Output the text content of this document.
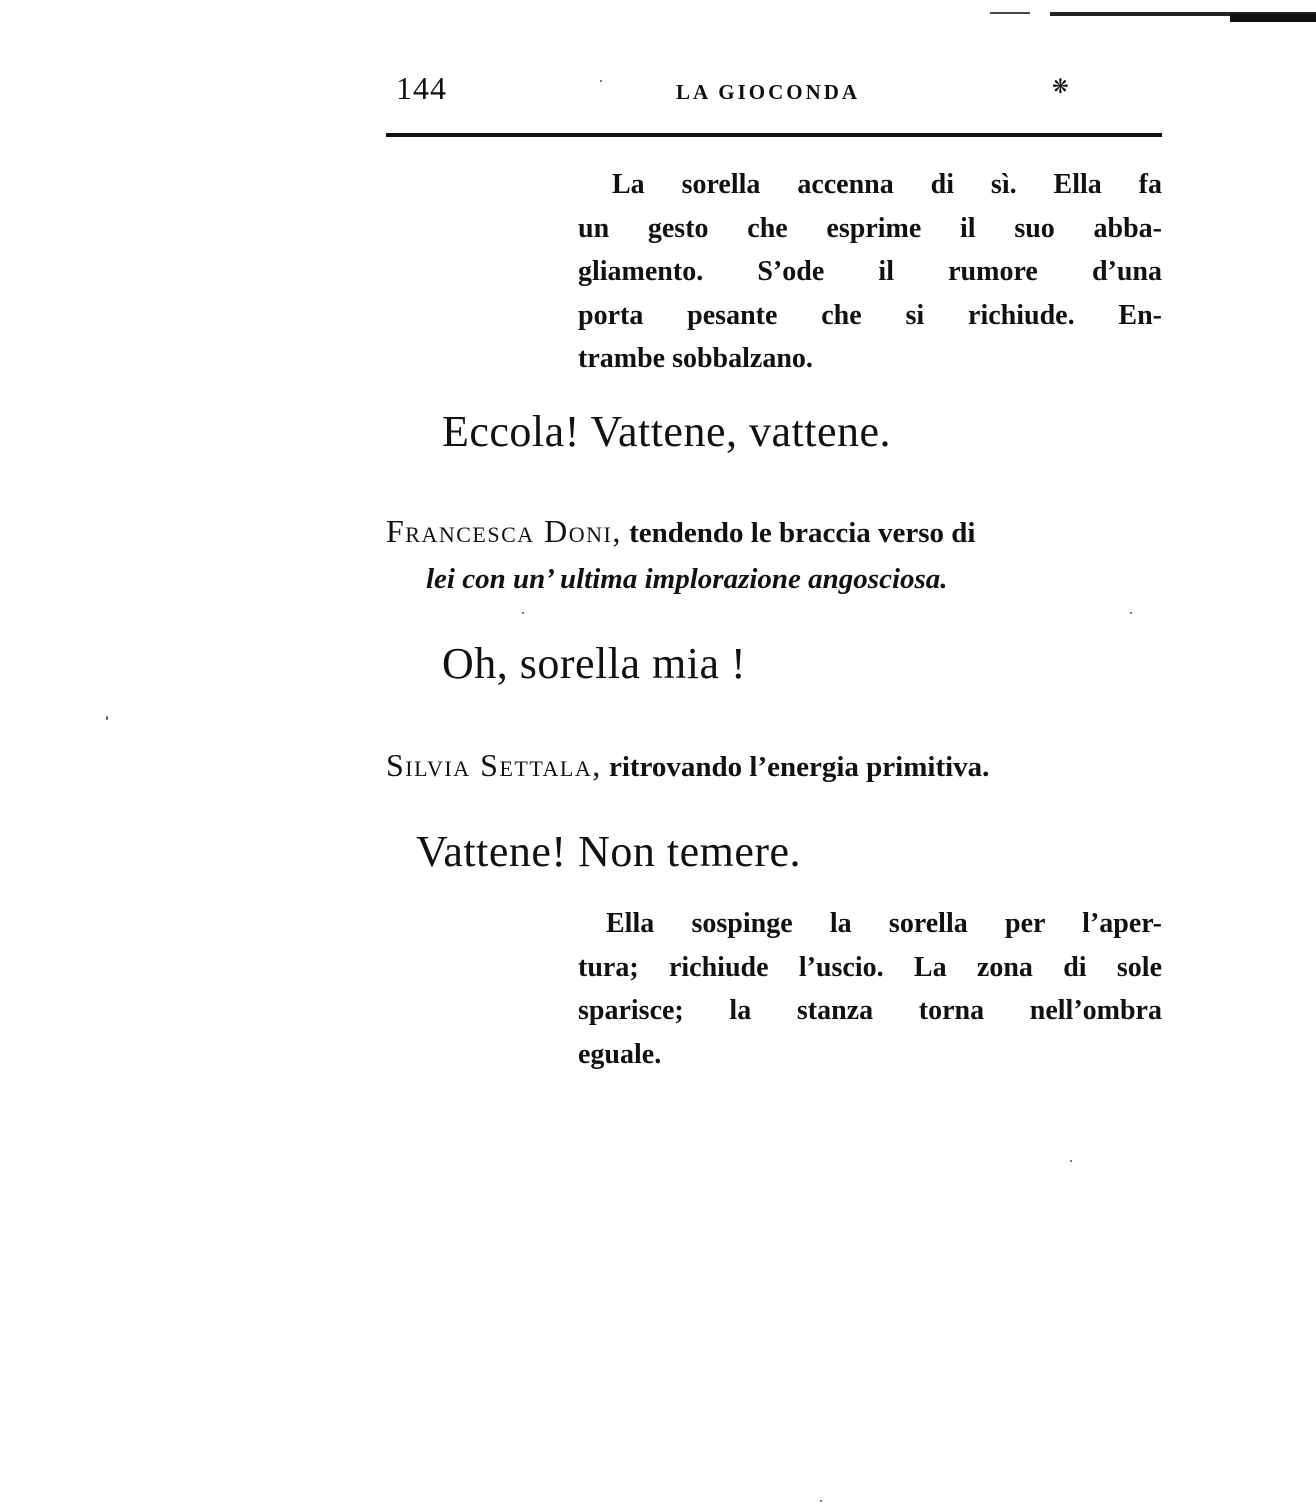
144	LA GIOCONDA	❋
La sorella accenna di sì. Ella fa
un gesto che esprime il suo abba-
gliamento. S’ode il rumore d’una
porta pesante che si richiude. En-
trambe sobbalzano.
Eccola! Vattene, vattene.
Francesca Doni, tendendo le braccia verso di
lei con un’ ultima implorazione angosciosa.
Oh, sorella mia !
Silvia Settala, ritrovando l’energia primitiva.
Vattene! Non temere.
Ella sospinge la sorella per l’aper-
tura; richiude l’uscio. La zona di sole
sparisce; la stanza torna nell’ombra
eguale.
